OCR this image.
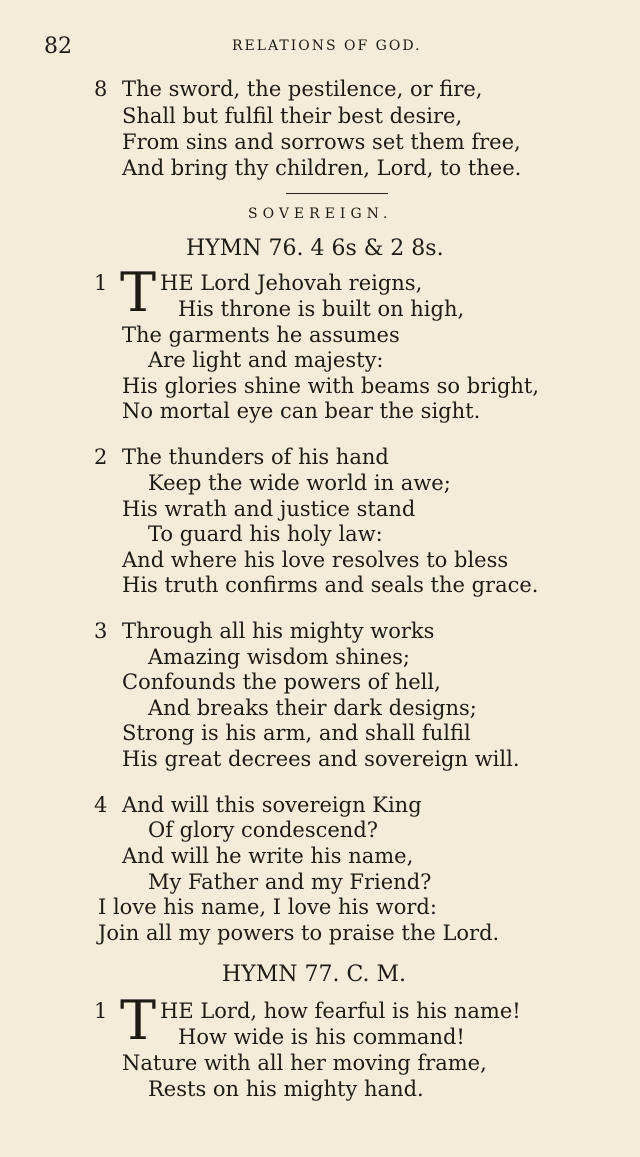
82	RELATIONS OF GOD.
8 The sword, the pestilence, or fire,
Shall but fulfil their best desire,
From sins and sorrows set them free,
And bring thy children, Lord, to thee.
SOVEREIGN.
HYMN 76. 4 6s & 2 8s.
1 T HE Lord Jehovah reigns,
His throne is built on high,
The garments he assumes
Are light and majesty:
His glories shine with beams so bright,
No mortal eye can bear the sight.
2 The thunders of his hand
Keep the wide world in awe;
His wrath and justice stand
To guard his holy law:
And where his love resolves to bless
His truth confirms and seals the grace.
3 Through all his mighty works
Amazing wisdom shines;
Confounds the powers of hell,
And breaks their dark designs;
Strong is his arm, and shall fulfil
His great decrees and sovereign will.
4 And will this sovereign King
Of glory condescend?
And will he write his name,
My Father and my Friend?
I love his name, I love his word:
Join all my powers to praise the Lord.
HYMN 77. C. M.
1 T HE Lord, how fearful is his name!
How wide is his command!
Nature with all her moving frame,
Rests on his mighty hand.
